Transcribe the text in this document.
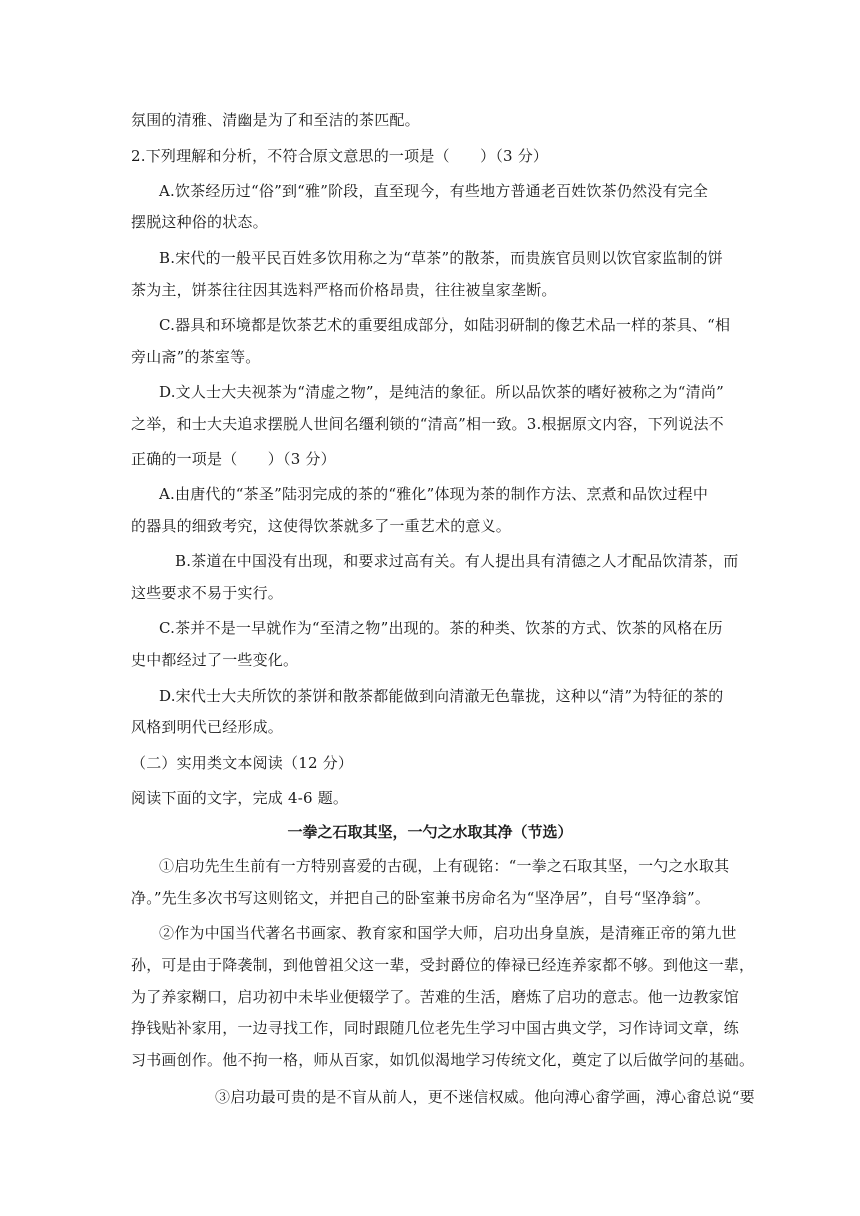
氛围的清雅、清幽是为了和至洁的茶匹配。
2.下列理解和分析，不符合原文意思的一项是（　　）（3 分）
A.饮茶经历过“俗”到“雅”阶段，直至现今，有些地方普通老百姓饮茶仍然没有完全
摆脱这种俗的状态。
B.宋代的一般平民百姓多饮用称之为“草茶”的散茶，而贵族官员则以饮官家监制的饼
茶为主，饼茶往往因其选料严格而价格昂贵，往往被皇家垄断。
C.器具和环境都是饮茶艺术的重要组成部分，如陆羽研制的像艺术品一样的茶具、“相
旁山斋”的茶室等。
D.文人士大夫视茶为“清虚之物”，是纯洁的象征。所以品饮茶的嗜好被称之为“清尚”
之举，和士大夫追求摆脱人世间名缰利锁的“清高”相一致。3.根据原文内容，下列说法不
正确的一项是（　　）（3 分）
A.由唐代的“茶圣”陆羽完成的茶的“雅化”体现为茶的制作方法、烹煮和品饮过程中
的器具的细致考究，这使得饮茶就多了一重艺术的意义。
B.茶道在中国没有出现，和要求过高有关。有人提出具有清德之人才配品饮清茶，而
这些要求不易于实行。
C.茶并不是一早就作为“至清之物”出现的。茶的种类、饮茶的方式、饮茶的风格在历
史中都经过了一些变化。
D.宋代士大夫所饮的茶饼和散茶都能做到向清澈无色靠拢，这种以“清”为特征的茶的
风格到明代已经形成。
（二）实用类文本阅读（12 分）
阅读下面的文字，完成 4-6 题。
一拳之石取其坚，一勺之水取其净（节选）
①启功先生生前有一方特别喜爱的古砚，上有砚铭：“一拳之石取其坚，一勺之水取其
净。”先生多次书写这则铭文，并把自己的卧室兼书房命名为“坚净居”，自号“坚净翁”。
②作为中国当代著名书画家、教育家和国学大师，启功出身皇族，是清雍正帝的第九世
孙，可是由于降袭制，到他曾祖父这一辈，受封爵位的俸禄已经连养家都不够。到他这一辈，
为了养家糊口，启功初中未毕业便辍学了。苦难的生活，磨炼了启功的意志。他一边教家馆
挣钱贴补家用，一边寻找工作，同时跟随几位老先生学习中国古典文学，习作诗词文章，练
习书画创作。他不拘一格，师从百家，如饥似渴地学习传统文化，奠定了以后做学问的基础。
③启功最可贵的是不盲从前人，更不迷信权威。他向溥心畬学画，溥心畬总说“要
